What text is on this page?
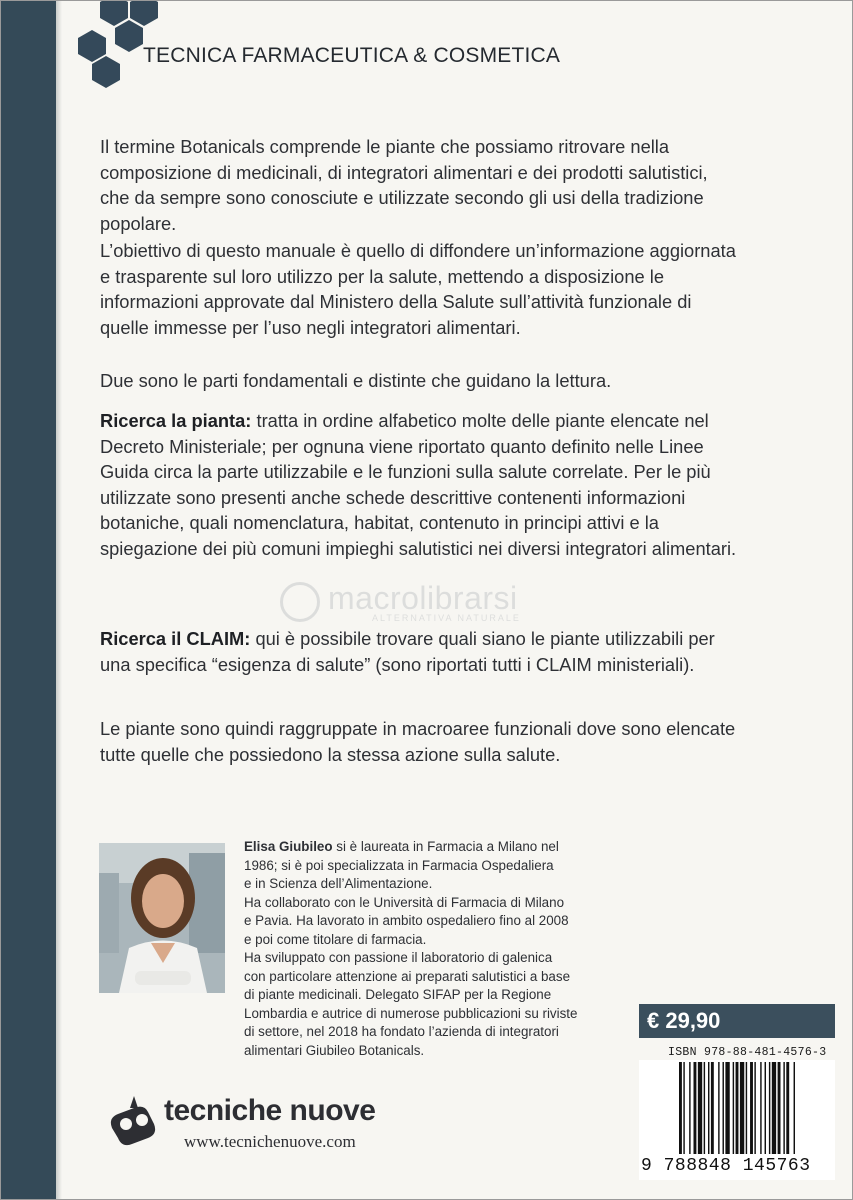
TECNICA FARMACEUTICA & COSMETICA

Il termine Botanicals comprende le piante che possiamo ritrovare nella composizione di medicinali, di integratori alimentari e dei prodotti salutistici, che da sempre sono conosciute e utilizzate secondo gli usi della tradizione popolare.

L’obiettivo di questo manuale è quello di diffondere un’informazione aggiornata e trasparente sul loro utilizzo per la salute, mettendo a disposizione le informazioni approvate dal Ministero della Salute sull’attività funzionale di quelle immesse per l’uso negli integratori alimentari.

Due sono le parti fondamentali e distinte che guidano la lettura.

Ricerca la pianta: tratta in ordine alfabetico molte delle piante elencate nel Decreto Ministeriale; per ognuna viene riportato quanto definito nelle Linee Guida circa la parte utilizzabile e le funzioni sulla salute correlate. Per le più utilizzate sono presenti anche schede descrittive contenenti informazioni botaniche, quali nomenclatura, habitat, contenuto in principi attivi e la spiegazione dei più comuni impieghi salutistici nei diversi integratori alimentari.

Ricerca il CLAIM: qui è possibile trovare quali siano le piante utilizzabili per una specifica “esigenza di salute” (sono riportati tutti i CLAIM ministeriali).

Le piante sono quindi raggruppate in macroaree funzionali dove sono elencate tutte quelle che possiedono la stessa azione sulla salute.

macrolibrarsi
ALTERNATIVA NATURALE

Elisa Giubileo si è laureata in Farmacia a Milano nel

1986; si è poi specializzata in Farmacia Ospedaliera

e in Scienza dell’Alimentazione.

Ha collaborato con le Università di Farmacia di Milano

e Pavia. Ha lavorato in ambito ospedaliero fino al 2008

e poi come titolare di farmacia.

Ha sviluppato con passione il laboratorio di galenica

con particolare attenzione ai preparati salutistici a base

di piante medicinali. Delegato SIFAP per la Regione

Lombardia e autrice di numerose pubblicazioni su riviste

di settore, nel 2018 ha fondato l’azienda di integratori

alimentari Giubileo Botanicals.

€ 29,90
ISBN 978-88-481-4576-3
9 788848 145763
tecniche nuove
www.tecnichenuove.com
